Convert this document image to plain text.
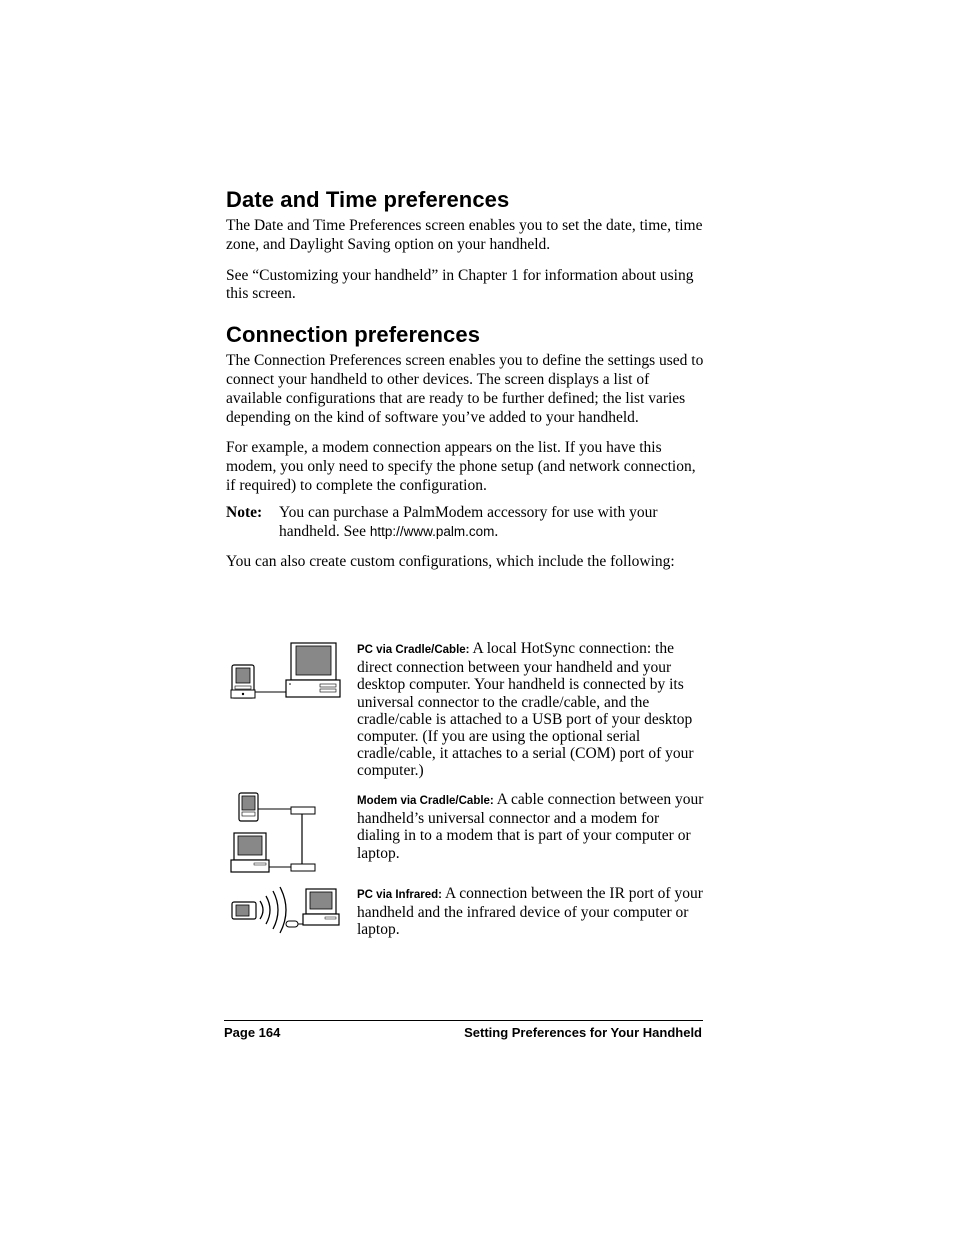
Date and Time preferences

The Date and Time Preferences screen enables you to set the date, time, time zone, and Daylight Saving option on your handheld.

See “Customizing your handheld” in Chapter 1 for information about using this screen.

Connection preferences

The Connection Preferences screen enables you to define the settings used to connect your handheld to other devices. The screen displays a list of available configurations that are ready to be further defined; the list varies depending on the kind of software you’ve added to your handheld.

For example, a modem connection appears on the list. If you have this modem, you only need to specify the phone setup (and network connection, if required) to complete the configuration.

Note:	You can purchase a PalmModem accessory for use with your handheld. See http://www.palm.com.

You can also create custom configurations, which include the following:

PC via Cradle/Cable: A local HotSync connection: the direct connection between your handheld and your desktop computer. Your handheld is connected by its universal connector to the cradle/cable, and the cradle/cable is attached to a USB port of your desktop computer. (If you are using the optional serial cradle/cable, it attaches to a serial (COM) port of your computer.)
Modem via Cradle/Cable: A cable connection between your handheld’s universal connector and a modem for dialing in to a modem that is part of your computer or laptop.
PC via Infrared: A connection between the IR port of your handheld and the infrared device of your computer or laptop.
Page 164	Setting Preferences for Your Handheld
